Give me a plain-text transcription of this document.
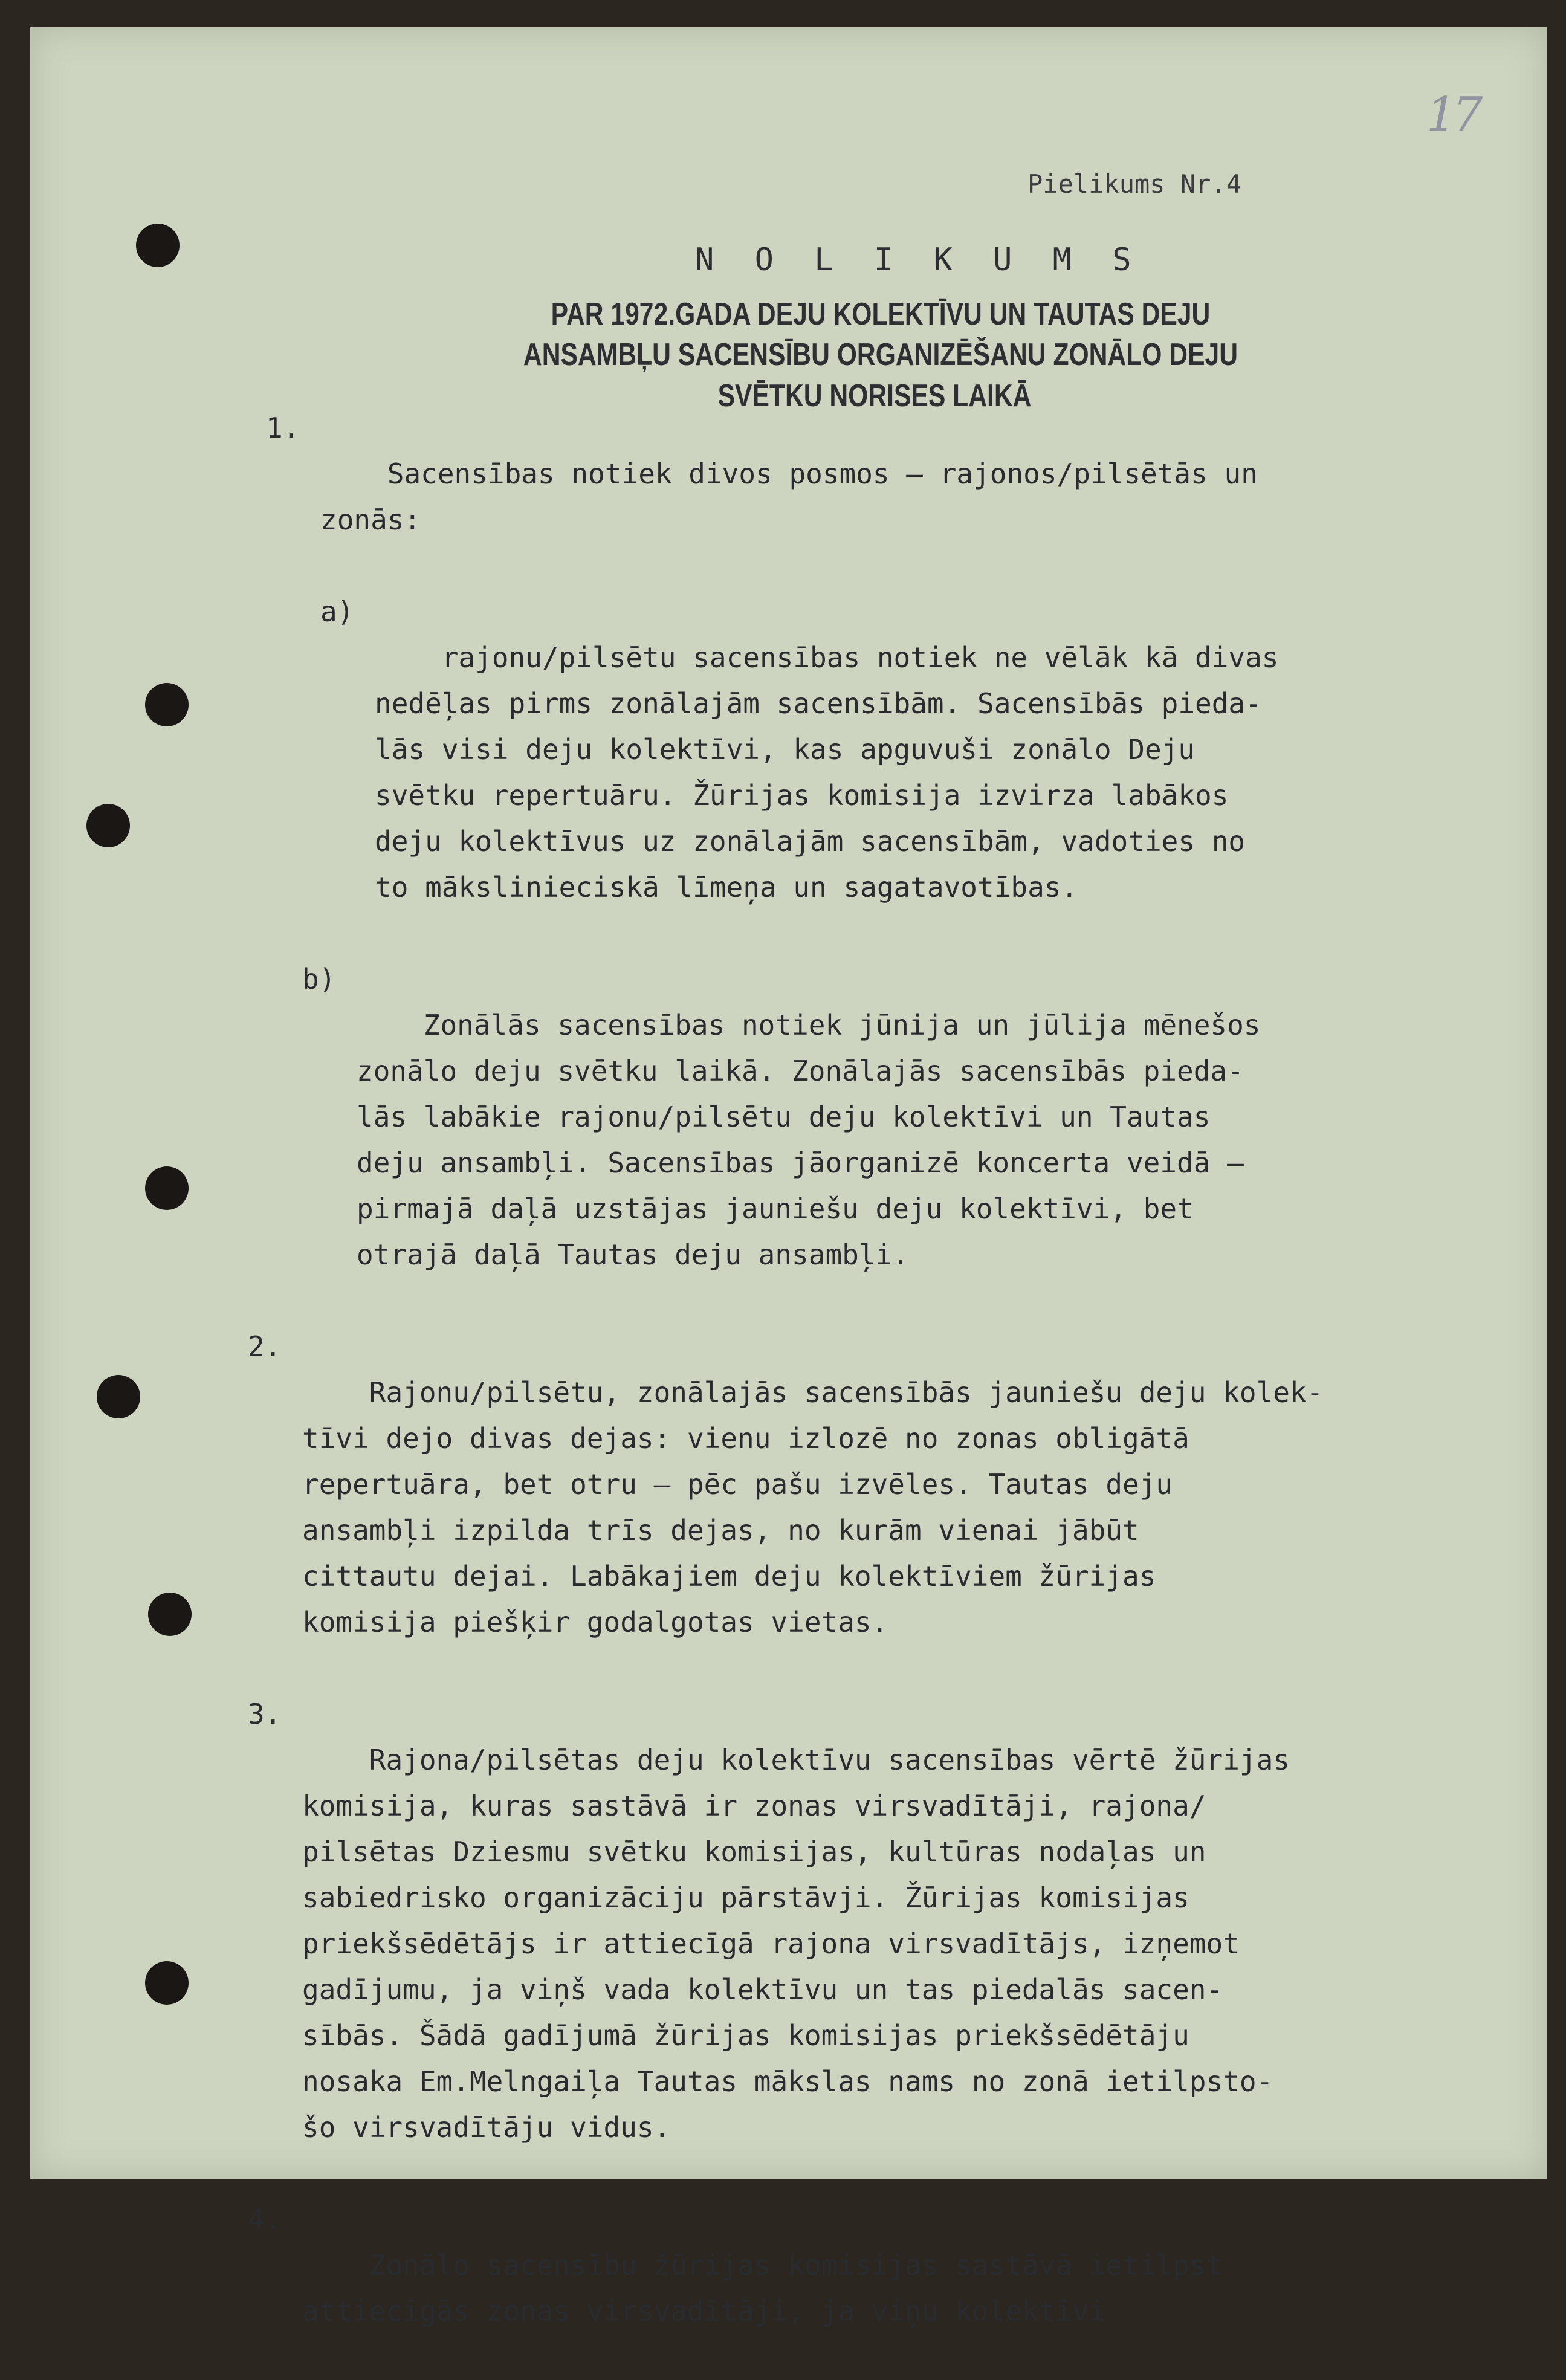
17
Pielikums Nr.4
N O L I K U M S
PAR 1972.GADA DEJU KOLEKTĪVU UN TAUTAS DEJU
ANSAMBĻU SACENSĪBU ORGANIZĒŠANU ZONĀLO DEJU
SVĒTKU NORISES LAIKĀ

1.
Sacensības notiek divos posmos – rajonos/pilsētās un
zonās:

a)
rajonu/pilsētu sacensības notiek ne vēlāk kā divas
nedēļas pirms zonālajām sacensībām. Sacensībās pieda-
lās visi deju kolektīvi, kas apguvuši zonālo Deju
svētku repertuāru. Žūrijas komisija izvirza labākos
deju kolektīvus uz zonālajām sacensībām, vadoties no
to mākslinieciskā līmeņa un sagatavotības.

b)
Zonālās sacensības notiek jūnija un jūlija mēnešos
zonālo deju svētku laikā. Zonālajās sacensībās pieda-
lās labākie rajonu/pilsētu deju kolektīvi un Tautas
deju ansambļi. Sacensības jāorganizē koncerta veidā –
pirmajā daļā uzstājas jauniešu deju kolektīvi, bet
otrajā daļā Tautas deju ansambļi.

2.
Rajonu/pilsētu, zonālajās sacensībās jauniešu deju kolek-
tīvi dejo divas dejas: vienu izlozē no zonas obligātā
repertuāra, bet otru – pēc pašu izvēles. Tautas deju
ansambļi izpilda trīs dejas, no kurām vienai jābūt
cittautu dejai. Labākajiem deju kolektīviem žūrijas
komisija piešķir godalgotas vietas.

3.
Rajona/pilsētas deju kolektīvu sacensības vērtē žūrijas
komisija, kuras sastāvā ir zonas virsvadītāji, rajona/
pilsētas Dziesmu svētku komisijas, kultūras nodaļas un
sabiedrisko organizāciju pārstāvji. Žūrijas komisijas
priekšsēdētājs ir attiecīgā rajona virsvadītājs, izņemot
gadījumu, ja viņš vada kolektīvu un tas piedalās sacen-
sībās. Šādā gadījumā žūrijas komisijas priekšsēdētāju
nosaka Em.Melngaiļa Tautas mākslas nams no zonā ietilpsto-
šo virsvadītāju vidus.

4.
Zonālo sacensību žūrijas komisijas sastāvā ietilpst
attiecīgās zonas virsvadītāji, ja viņu kolektīvi
